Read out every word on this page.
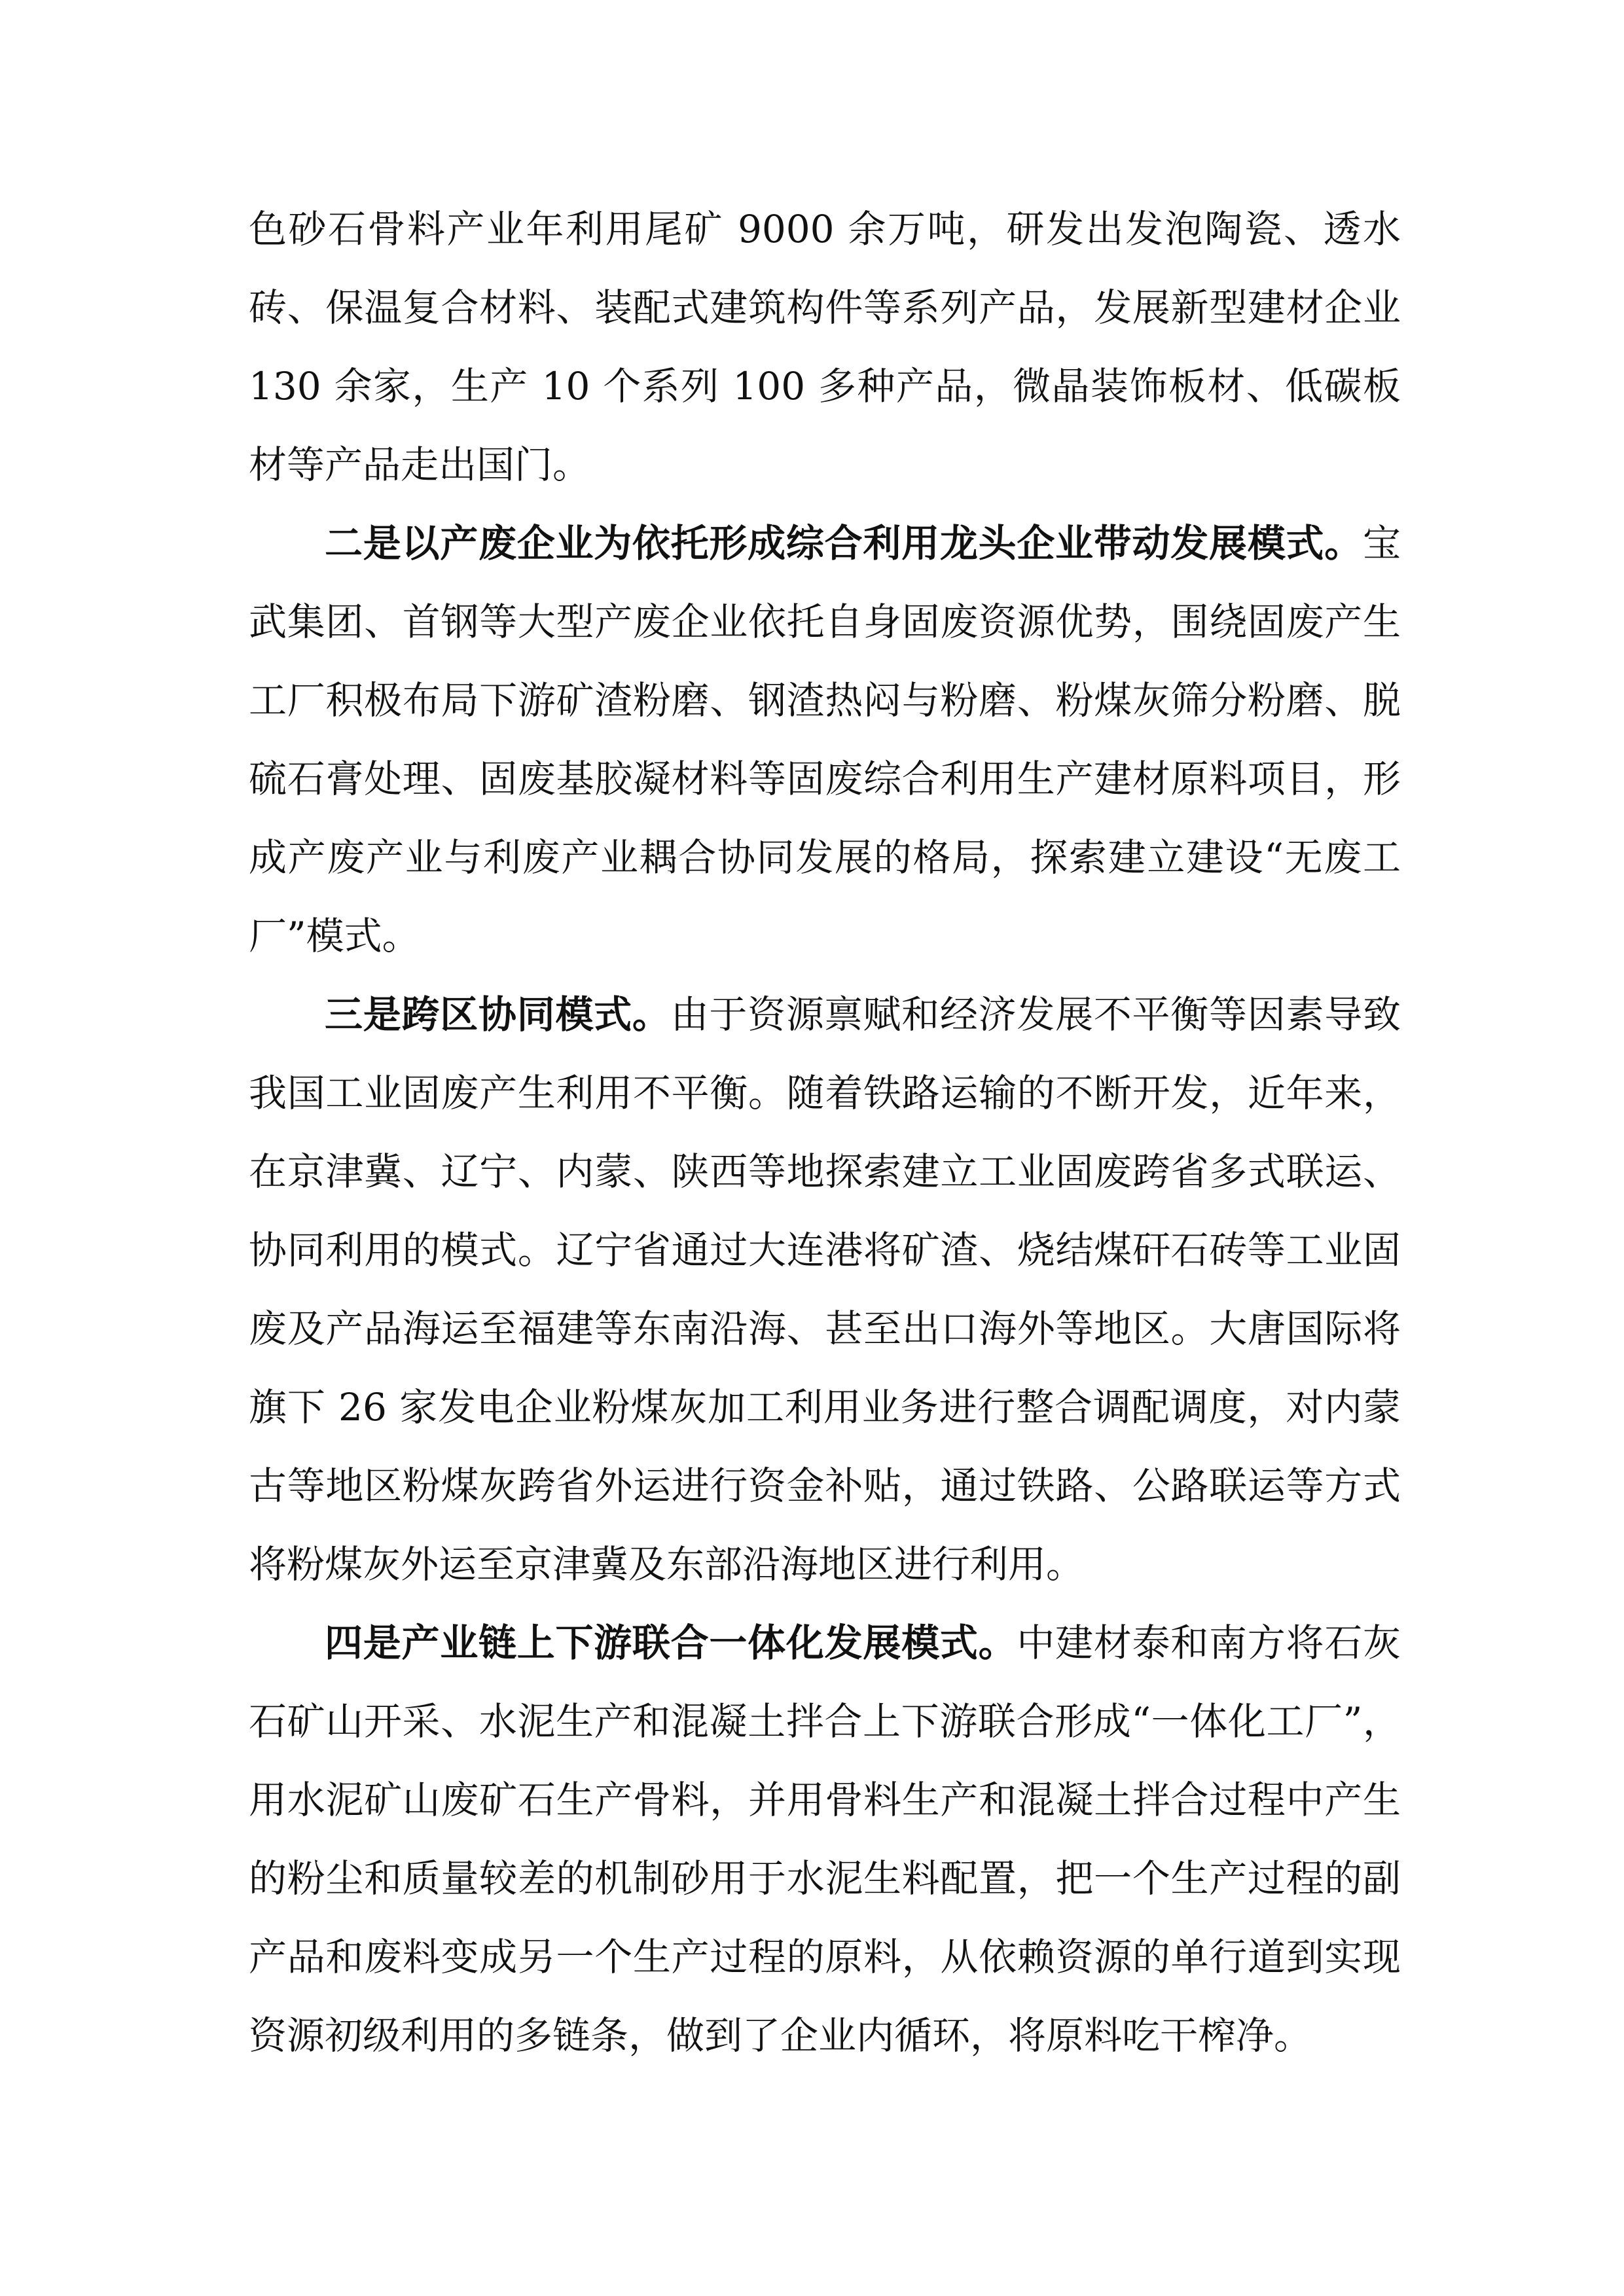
色砂石骨料产业年利用尾矿 9000 余万吨，研发出发泡陶瓷、透水砖、保温复合材料、装配式建筑构件等系列产品，发展新型建材企业 130 余家，生产 10 个系列 100 多种产品，微晶装饰板材、低碳板材等产品走出国门。

二是以产废企业为依托形成综合利用龙头企业带动发展模式。宝武集团、首钢等大型产废企业依托自身固废资源优势，围绕固废产生工厂积极布局下游矿渣粉磨、钢渣热闷与粉磨、粉煤灰筛分粉磨、脱硫石膏处理、固废基胶凝材料等固废综合利用生产建材原料项目，形成产废产业与利废产业耦合协同发展的格局，探索建立建设“无废工厂”模式。

三是跨区协同模式。由于资源禀赋和经济发展不平衡等因素导致我国工业固废产生利用不平衡。随着铁路运输的不断开发，近年来，在京津冀、辽宁、内蒙、陕西等地探索建立工业固废跨省多式联运、协同利用的模式。辽宁省通过大连港将矿渣、烧结煤矸石砖等工业固废及产品海运至福建等东南沿海、甚至出口海外等地区。大唐国际将旗下 26 家发电企业粉煤灰加工利用业务进行整合调配调度，对内蒙古等地区粉煤灰跨省外运进行资金补贴，通过铁路、公路联运等方式将粉煤灰外运至京津冀及东部沿海地区进行利用。

四是产业链上下游联合一体化发展模式。中建材泰和南方将石灰石矿山开采、水泥生产和混凝土拌合上下游联合形成“一体化工厂”，用水泥矿山废矿石生产骨料，并用骨料生产和混凝土拌合过程中产生的粉尘和质量较差的机制砂用于水泥生料配置，把一个生产过程的副产品和废料变成另一个生产过程的原料，从依赖资源的单行道到实现资源初级利用的多链条，做到了企业内循环，将原料吃干榨净。
